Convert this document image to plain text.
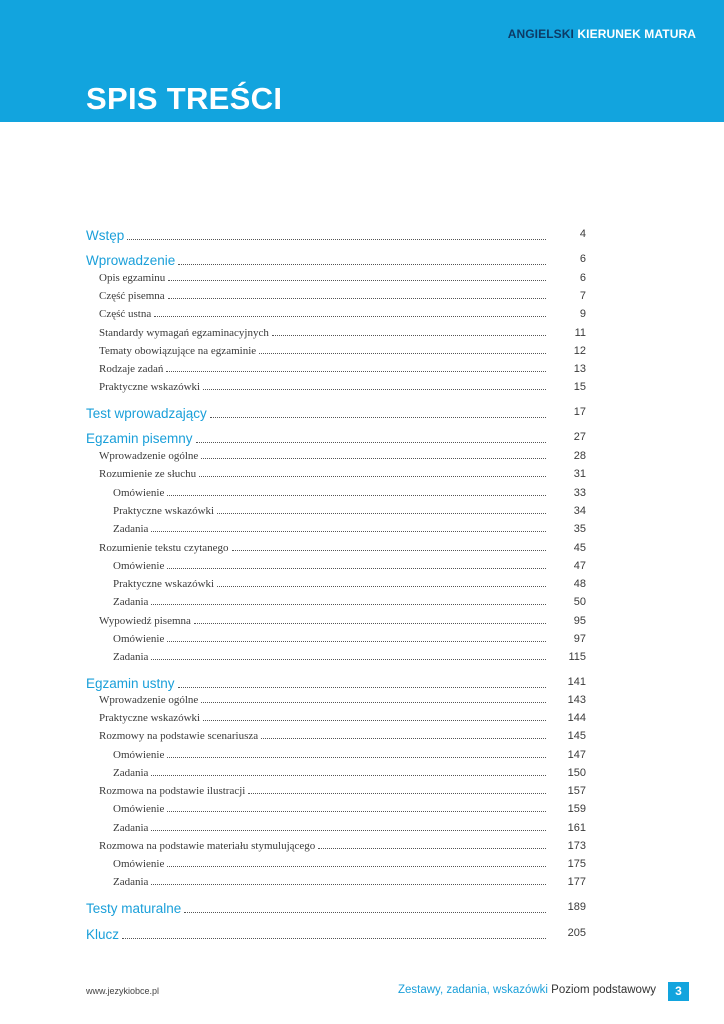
ANGIELSKI KIERUNEK MATURA
SPIS TREŚCI
Wstęp	4
Wprowadzenie	6
Opis egzaminu	6
Część pisemna	7
Część ustna	9
Standardy wymagań egzaminacyjnych	11
Tematy obowiązujące na egzaminie	12
Rodzaje zadań	13
Praktyczne wskazówki	15
Test wprowadzający	17
Egzamin pisemny	27
Wprowadzenie ogólne	28
Rozumienie ze słuchu	31
Omówienie	33
Praktyczne wskazówki	34
Zadania	35
Rozumienie tekstu czytanego	45
Omówienie	47
Praktyczne wskazówki	48
Zadania	50
Wypowiedź pisemna	95
Omówienie	97
Zadania	115
Egzamin ustny	141
Wprowadzenie ogólne	143
Praktyczne wskazówki	144
Rozmowy na podstawie scenariusza	145
Omówienie	147
Zadania	150
Rozmowa na podstawie ilustracji	157
Omówienie	159
Zadania	161
Rozmowa na podstawie materiału stymulującego	173
Omówienie	175
Zadania	177
Testy maturalne	189
Klucz	205
www.jezykiobce.pl	Zestawy, zadania, wskazówki Poziom podstawowy	3
